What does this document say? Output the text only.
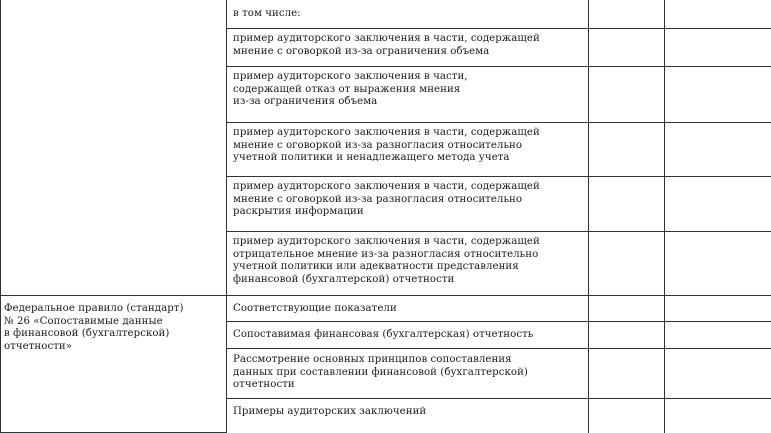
	в том числе:		

	пример аудиторского заключения в части, содержащей
мнение с оговоркой из-за ограничения объема		

	пример аудиторского заключения в части,
содержащей отказ от выражения мнения
из-за ограничения объема		

	пример аудиторского заключения в части, содержащей
мнение с оговоркой из-за разногласия относительно
учетной политики и ненадлежащего метода учета		

	пример аудиторского заключения в части, содержащей
мнение с оговоркой из-за разногласия относительно
раскрытия информации		

	пример аудиторского заключения в части, содержащей
отрицательное мнение из-за разногласия относительно
учетной политики или адекватности представления
финансовой (бухгалтерской) отчетности		

Федеральное правило (стандарт)
№ 26 «Сопоставимые данные
в финансовой (бухгалтерской)
отчетности»	Соответствующие показатели		

	Сопоставимая финансовая (бухгалтерская) отчетность		

	Рассмотрение основных принципов сопоставления
данных при составлении финансовой (бухгалтерской)
отчетности		

	Примеры аудиторских заключений		
